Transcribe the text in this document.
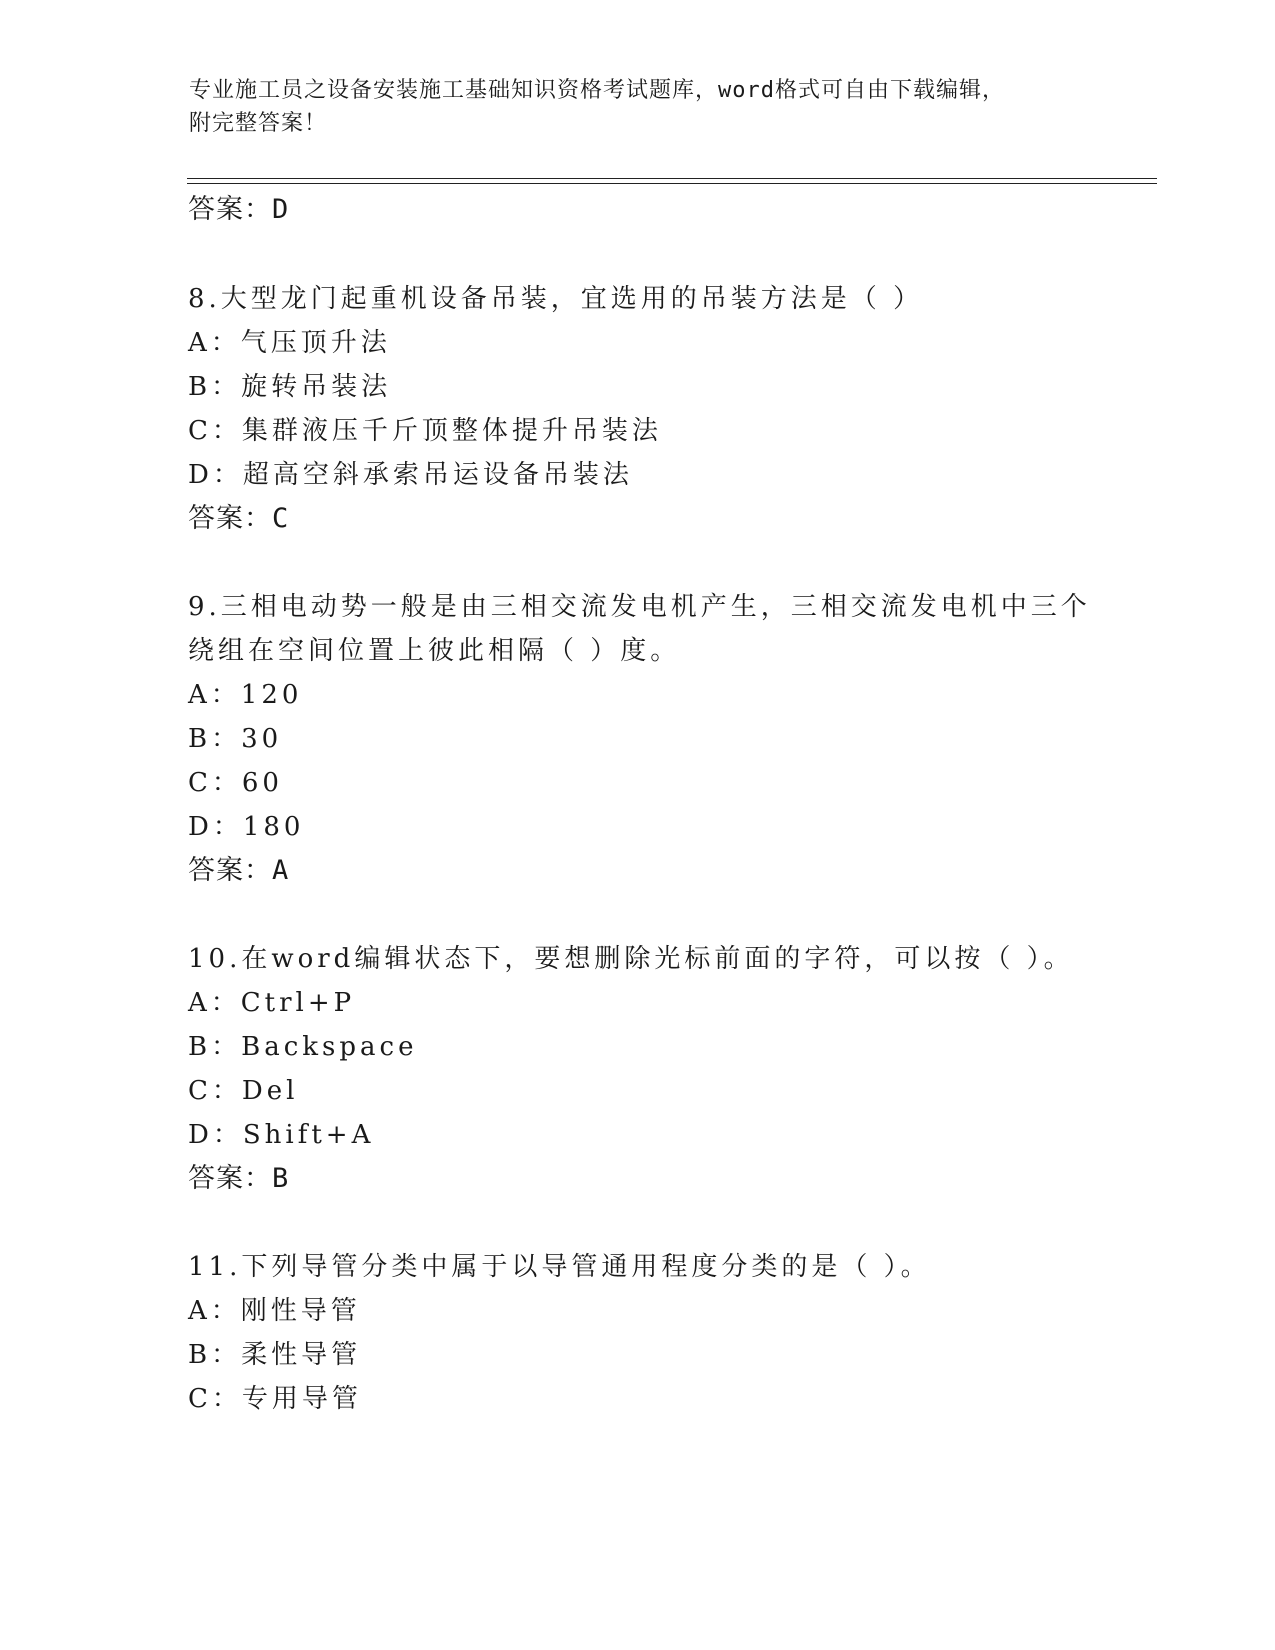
专业施工员之设备安装施工基础知识资格考试题库，word格式可自由下载编辑，
附完整答案！
答案：D
8.大型龙门起重机设备吊装，宜选用的吊装方法是（ ）
A：气压顶升法
B：旋转吊装法
C：集群液压千斤顶整体提升吊装法
D：超高空斜承索吊运设备吊装法
答案：C
9.三相电动势一般是由三相交流发电机产生，三相交流发电机中三个
绕组在空间位置上彼此相隔（ ）度。
A：120
B：30
C：60
D：180
答案：A
10.在word编辑状态下，要想删除光标前面的字符，可以按（ ）。
A：Ctrl+P
B：Backspace
C：Del
D：Shift+A
答案：B
11.下列导管分类中属于以导管通用程度分类的是（ ）。
A：刚性导管
B：柔性导管
C：专用导管
